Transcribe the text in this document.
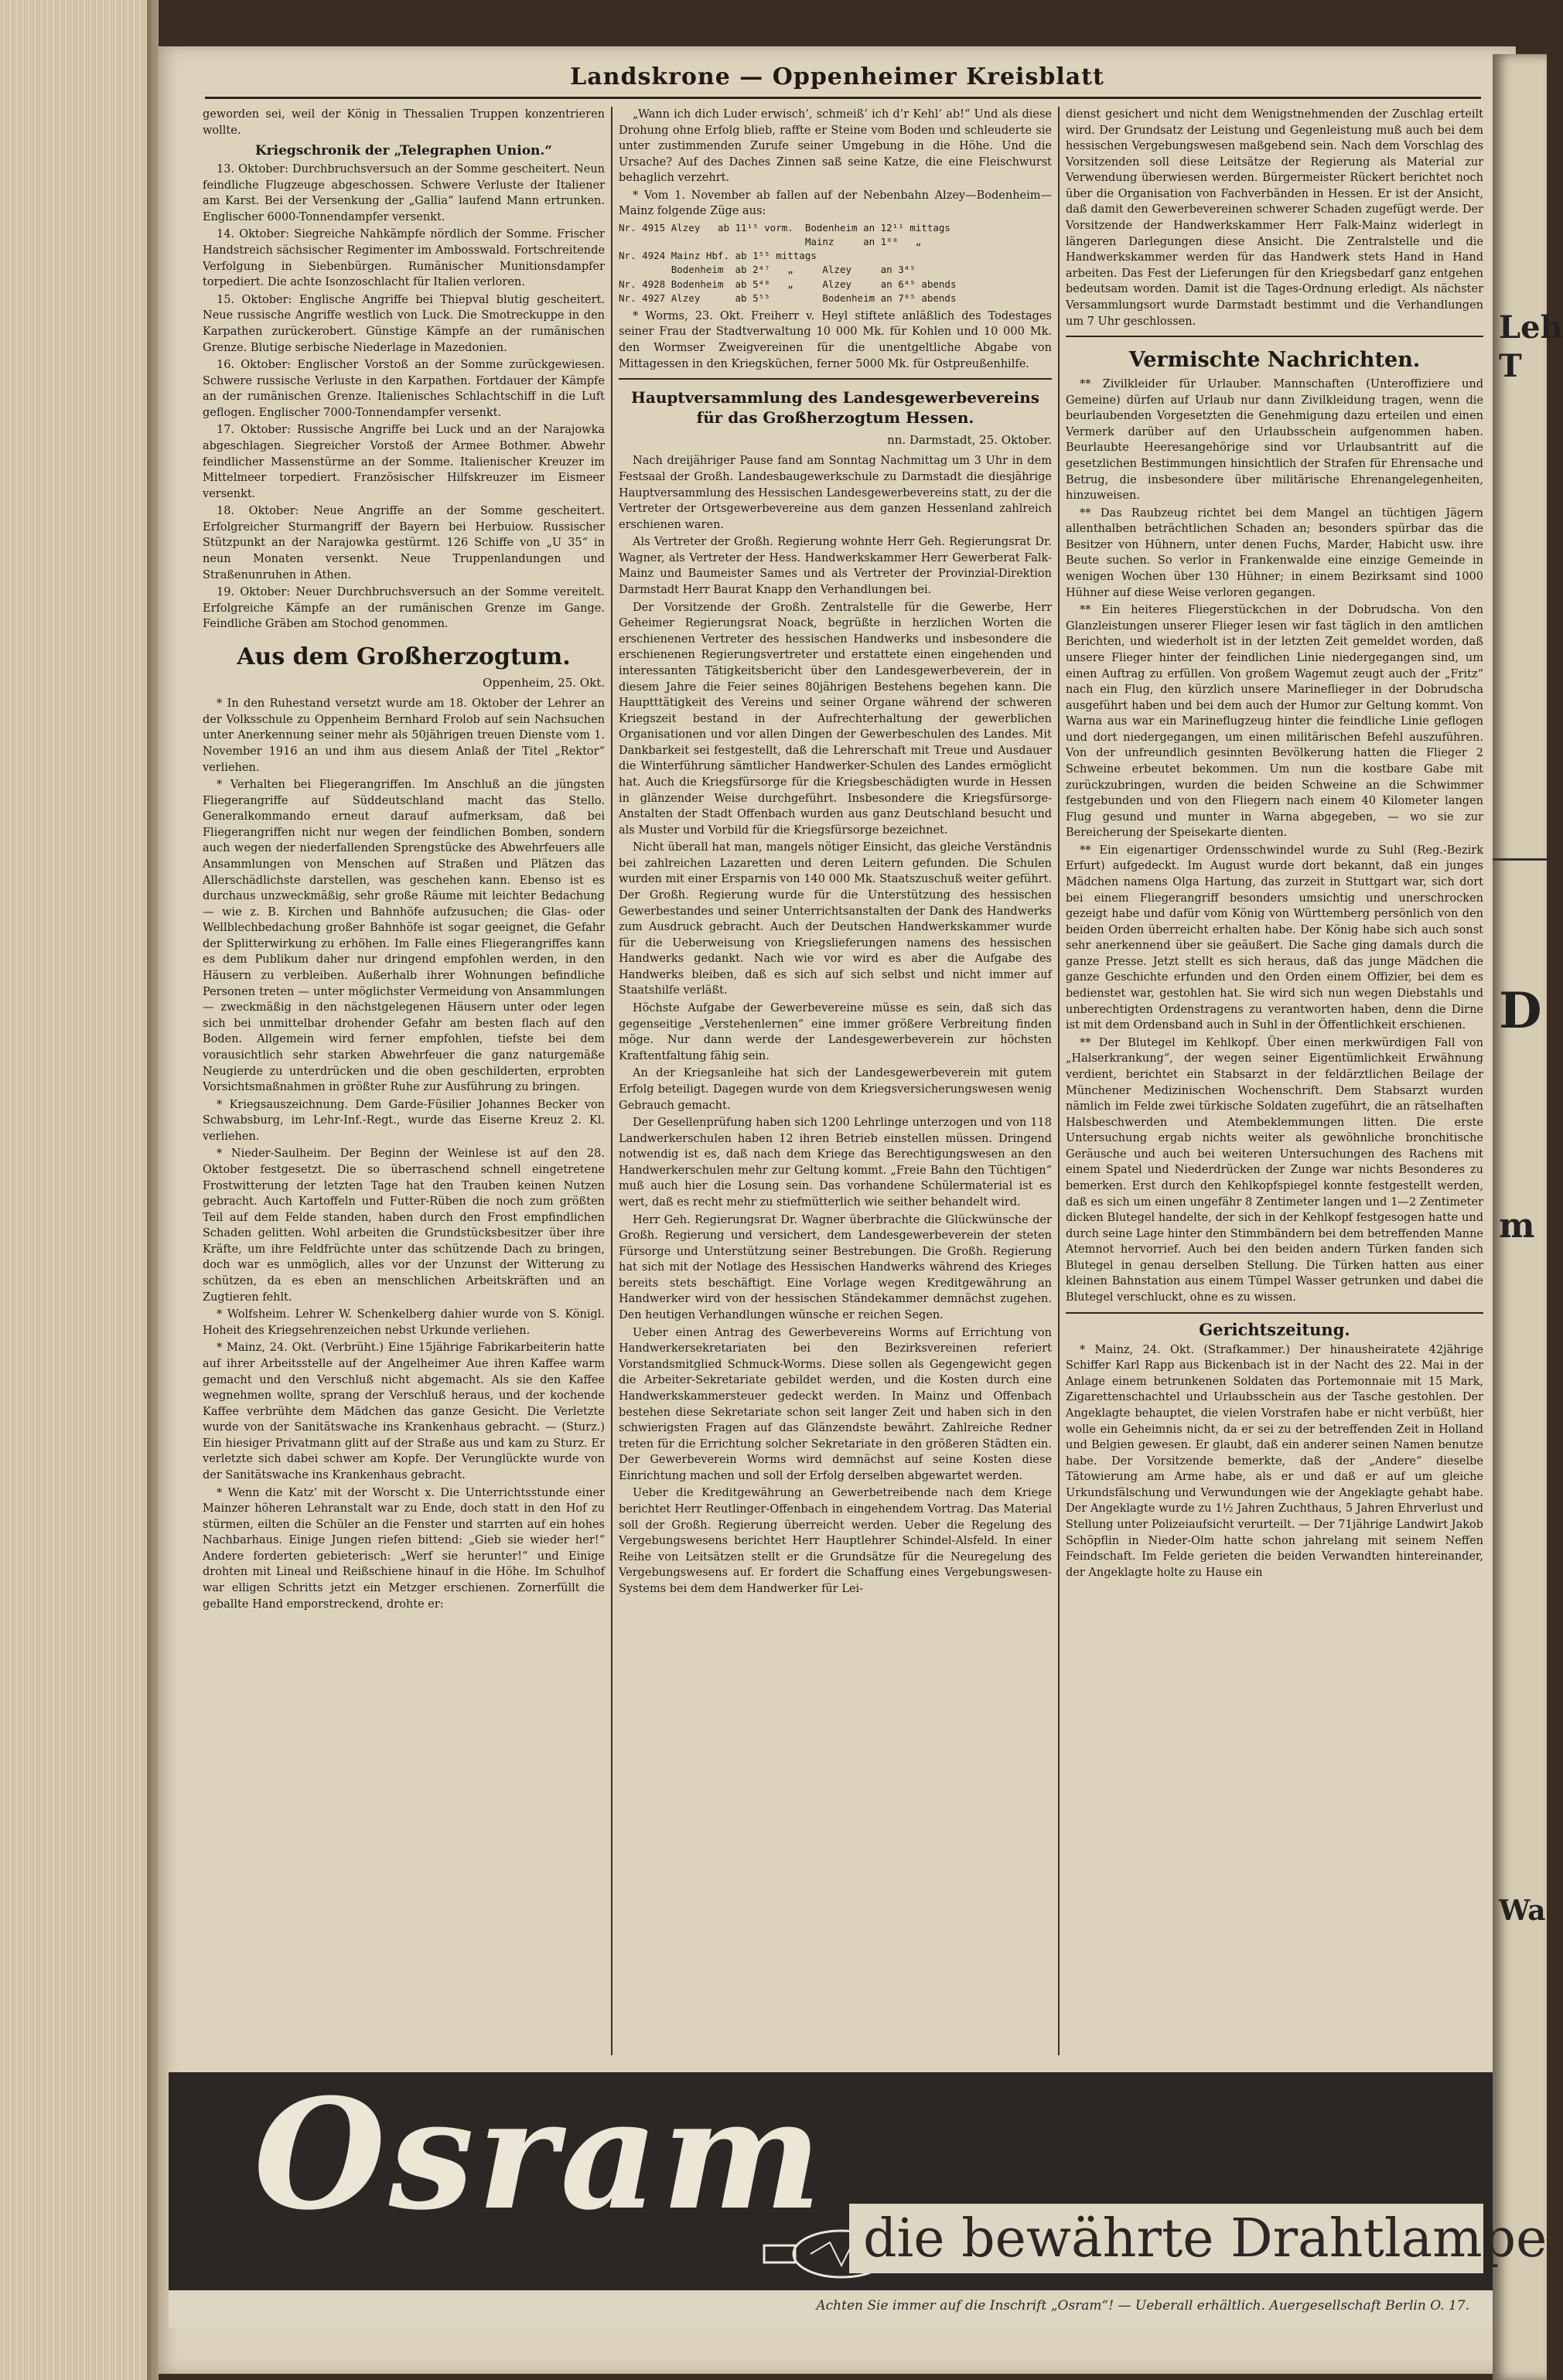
Leh
T
D
m
Wa
Landskrone — Oppenheimer Kreisblatt

geworden sei, weil der König in Thessalien Truppen konzentrieren wollte.

Kriegschronik der „Telegraphen Union.“

13. Oktober: Durchbruchsversuch an der Somme gescheitert. Neun feindliche Flugzeuge abgeschossen. Schwere Verluste der Italiener am Karst. Bei der Versenkung der „Gallia“ laufend Mann ertrunken. Englischer 6000-Tonnendampfer versenkt.

14. Oktober: Siegreiche Nahkämpfe nördlich der Somme. Frischer Handstreich sächsischer Regimenter im Ambosswald. Fortschreitende Verfolgung in Siebenbürgen. Rumänischer Munitionsdampfer torpediert. Die achte Isonzoschlacht für Italien verloren.

15. Oktober: Englische Angriffe bei Thiepval blutig gescheitert. Neue russische Angriffe westlich von Luck. Die Smotreckuppe in den Karpathen zurückerobert. Günstige Kämpfe an der rumänischen Grenze. Blutige serbische Niederlage in Mazedonien.

16. Oktober: Englischer Vorstoß an der Somme zurückgewiesen. Schwere russische Verluste in den Karpathen. Fortdauer der Kämpfe an der rumänischen Grenze. Italienisches Schlachtschiff in die Luft geflogen. Englischer 7000-Tonnendampfer versenkt.

17. Oktober: Russische Angriffe bei Luck und an der Narajowka abgeschlagen. Siegreicher Vorstoß der Armee Bothmer. Abwehr feindlicher Massenstürme an der Somme. Italienischer Kreuzer im Mittelmeer torpediert. Französischer Hilfskreuzer im Eismeer versenkt.

18. Oktober: Neue Angriffe an der Somme gescheitert. Erfolgreicher Sturmangriff der Bayern bei Herbuiow. Russischer Stützpunkt an der Narajowka gestürmt. 126 Schiffe von „U 35“ in neun Monaten versenkt. Neue Truppenlandungen und Straßenunruhen in Athen.

19. Oktober: Neuer Durchbruchsversuch an der Somme vereitelt. Erfolgreiche Kämpfe an der rumänischen Grenze im Gange. Feindliche Gräben am Stochod genommen.

Aus dem Großherzogtum.
Oppenheim, 25. Okt.

* In den Ruhestand versetzt wurde am 18. Oktober der Lehrer an der Volksschule zu Oppenheim Bernhard Frolob auf sein Nachsuchen unter Anerkennung seiner mehr als 50jährigen treuen Dienste vom 1. November 1916 an und ihm aus diesem Anlaß der Titel „Rektor“ verliehen.

* Verhalten bei Fliegerangriffen. Im Anschluß an die jüngsten Fliegerangriffe auf Süddeutschland macht das Stello. Generalkommando erneut darauf aufmerksam, daß bei Fliegerangriffen nicht nur wegen der feindlichen Bomben, sondern auch wegen der niederfallenden Sprengstücke des Abwehrfeuers alle Ansammlungen von Menschen auf Straßen und Plätzen das Allerschädlichste darstellen, was geschehen kann. Ebenso ist es durchaus unzweckmäßig, sehr große Räume mit leichter Bedachung — wie z. B. Kirchen und Bahnhöfe aufzusuchen; die Glas- oder Wellblechbedachung großer Bahnhöfe ist sogar geeignet, die Gefahr der Splitterwirkung zu erhöhen. Im Falle eines Fliegerangriffes kann es dem Publikum daher nur dringend empfohlen werden, in den Häusern zu verbleiben. Außerhalb ihrer Wohnungen befindliche Personen treten — unter möglichster Vermeidung von Ansammlungen — zweckmäßig in den nächstgelegenen Häusern unter oder legen sich bei unmittelbar drohender Gefahr am besten flach auf den Boden. Allgemein wird ferner empfohlen, tiefste bei dem vorausichtlich sehr starken Abwehrfeuer die ganz naturgemäße Neugierde zu unterdrücken und die oben geschilderten, erprobten Vorsichtsmaßnahmen in größter Ruhe zur Ausführung zu bringen.

* Kriegsauszeichnung. Dem Garde-Füsilier Johannes Becker von Schwabsburg, im Lehr-Inf.-Regt., wurde das Eiserne Kreuz 2. Kl. verliehen.

* Nieder-Saulheim. Der Beginn der Weinlese ist auf den 28. Oktober festgesetzt. Die so überraschend schnell eingetretene Frostwitterung der letzten Tage hat den Trauben keinen Nutzen gebracht. Auch Kartoffeln und Futter-Rüben die noch zum größten Teil auf dem Felde standen, haben durch den Frost empfindlichen Schaden gelitten. Wohl arbeiten die Grundstücksbesitzer über ihre Kräfte, um ihre Feldfrüchte unter das schützende Dach zu bringen, doch war es unmöglich, alles vor der Unzunst der Witterung zu schützen, da es eben an menschlichen Arbeitskräften und an Zugtieren fehlt.

* Wolfsheim. Lehrer W. Schenkelberg dahier wurde von S. Königl. Hoheit des Kriegsehrenzeichen nebst Urkunde verliehen.

* Mainz, 24. Okt. (Verbrüht.) Eine 15jährige Fabrikarbeiterin hatte auf ihrer Arbeitsstelle auf der Angelheimer Aue ihren Kaffee warm gemacht und den Verschluß nicht abgemacht. Als sie den Kaffee wegnehmen wollte, sprang der Verschluß heraus, und der kochende Kaffee verbrühte dem Mädchen das ganze Gesicht. Die Verletzte wurde von der Sanitätswache ins Krankenhaus gebracht. — (Sturz.) Ein hiesiger Privatmann glitt auf der Straße aus und kam zu Sturz. Er verletzte sich dabei schwer am Kopfe. Der Verunglückte wurde von der Sanitätswache ins Krankenhaus gebracht.

* Wenn die Katz’ mit der Worscht x. Die Unterrichtsstunde einer Mainzer höheren Lehranstalt war zu Ende, doch statt in den Hof zu stürmen, eilten die Schüler an die Fenster und starrten auf ein hohes Nachbarhaus. Einige Jungen riefen bittend: „Gieb sie wieder her!“ Andere forderten gebieterisch: „Werf sie herunter!“ und Einige drohten mit Lineal und Reißschiene hinauf in die Höhe. Im Schulhof war elligen Schritts jetzt ein Metzger erschienen. Zornerfüllt die geballte Hand emporstreckend, drohte er:

„Wann ich dich Luder erwisch’, schmeiß’ ich d’r Kehl’ ab!“ Und als diese Drohung ohne Erfolg blieb, raffte er Steine vom Boden und schleuderte sie unter zustimmenden Zurufe seiner Umgebung in die Höhe. Und die Ursache? Auf des Daches Zinnen saß seine Katze, die eine Fleischwurst behaglich verzehrt.

* Vom 1. November ab fallen auf der Nebenbahn Alzey—Bodenheim—Mainz folgende Züge aus:

Nr. 4915 Alzey   ab 11¹⁵ vorm.  Bodenheim an 12¹¹ mittags
Mainz     an 1⁰⁰   „
Nr. 4924 Mainz Hbf. ab 1⁵⁵ mittags
Bodenheim  ab 2⁴⁷   „     Alzey     an 3⁴⁵
Nr. 4928 Bodenheim  ab 5⁴⁸   „     Alzey     an 6⁴⁵ abends
Nr. 4927 Alzey      ab 5⁵⁵         Bodenheim an 7⁰⁵ abends

* Worms, 23. Okt. Freiherr v. Heyl stiftete anläßlich des Todestages seiner Frau der Stadtverwaltung 10 000 Mk. für Kohlen und 10 000 Mk. den Wormser Zweigvereinen für die unentgeltliche Abgabe von Mittagessen in den Kriegsküchen, ferner 5000 Mk. für Ostpreußenhilfe.

Hauptversammlung des Landesgewerbevereins für das Großherzogtum Hessen.
nn. Darmstadt, 25. Oktober.

Nach dreijähriger Pause fand am Sonntag Nachmittag um 3 Uhr in dem Festsaal der Großh. Landesbaugewerkschule zu Darmstadt die diesjährige Hauptversammlung des Hessischen Landesgewerbevereins statt, zu der die Vertreter der Ortsgewerbevereine aus dem ganzen Hessenland zahlreich erschienen waren.

Als Vertreter der Großh. Regierung wohnte Herr Geh. Regierungsrat Dr. Wagner, als Vertreter der Hess. Handwerkskammer Herr Gewerberat Falk-Mainz und Baumeister Sames und als Vertreter der Provinzial-Direktion Darmstadt Herr Baurat Knapp den Verhandlungen bei.

Der Vorsitzende der Großh. Zentralstelle für die Gewerbe, Herr Geheimer Regierungsrat Noack, begrüßte in herzlichen Worten die erschienenen Vertreter des hessischen Handwerks und insbesondere die erschienenen Regierungsvertreter und erstattete einen eingehenden und interessanten Tätigkeitsbericht über den Landesgewerbeverein, der in diesem Jahre die Feier seines 80jährigen Bestehens begehen kann. Die Hauptttätigkeit des Vereins und seiner Organe während der schweren Kriegszeit bestand in der Aufrechterhaltung der gewerblichen Organisationen und vor allen Dingen der Gewerbeschulen des Landes. Mit Dankbarkeit sei festgestellt, daß die Lehrerschaft mit Treue und Ausdauer die Winterführung sämtlicher Handwerker-Schulen des Landes ermöglicht hat. Auch die Kriegsfürsorge für die Kriegsbeschädigten wurde in Hessen in glänzender Weise durchgeführt. Insbesondere die Kriegsfürsorge-Anstalten der Stadt Offenbach wurden aus ganz Deutschland besucht und als Muster und Vorbild für die Kriegsfürsorge bezeichnet.

Nicht überall hat man, mangels nötiger Einsicht, das gleiche Verständnis bei zahlreichen Lazaretten und deren Leitern gefunden. Die Schulen wurden mit einer Ersparnis von 140 000 Mk. Staatszuschuß weiter geführt. Der Großh. Regierung wurde für die Unterstützung des hessischen Gewerbestandes und seiner Unterrichtsanstalten der Dank des Handwerks zum Ausdruck gebracht. Auch der Deutschen Handwerkskammer wurde für die Ueberweisung von Kriegslieferungen namens des hessischen Handwerks gedankt. Nach wie vor wird es aber die Aufgabe des Handwerks bleiben, daß es sich auf sich selbst und nicht immer auf Staatshilfe verläßt.

Höchste Aufgabe der Gewerbevereine müsse es sein, daß sich das gegenseitige „Verstehenlernen“ eine immer größere Verbreitung finden möge. Nur dann werde der Landesgewerbeverein zur höchsten Kraftentfaltung fähig sein.

An der Kriegsanleihe hat sich der Landesgewerbeverein mit gutem Erfolg beteiligt. Dagegen wurde von dem Kriegsversicherungswesen wenig Gebrauch gemacht.

Der Gesellenprüfung haben sich 1200 Lehrlinge unterzogen und von 118 Landwerkerschulen haben 12 ihren Betrieb einstellen müssen. Dringend notwendig ist es, daß nach dem Kriege das Berechtigungswesen an den Handwerkerschulen mehr zur Geltung kommt. „Freie Bahn den Tüchtigen“ muß auch hier die Losung sein. Das vorhandene Schülermaterial ist es wert, daß es recht mehr zu stiefmütterlich wie seither behandelt wird.

Herr Geh. Regierungsrat Dr. Wagner überbrachte die Glückwünsche der Großh. Regierung und versichert, dem Landesgewerbeverein der steten Fürsorge und Unterstützung seiner Bestrebungen. Die Großh. Regierung hat sich mit der Notlage des Hessischen Handwerks während des Krieges bereits stets beschäftigt. Eine Vorlage wegen Kreditgewährung an Handwerker wird von der hessischen Ständekammer demnächst zugehen. Den heutigen Verhandlungen wünsche er reichen Segen.

Ueber einen Antrag des Gewerbevereins Worms auf Errichtung von Handwerkersekretariaten bei den Bezirksvereinen referiert Vorstandsmitglied Schmuck-Worms. Diese sollen als Gegengewicht gegen die Arbeiter-Sekretariate gebildet werden, und die Kosten durch eine Handwerkskammersteuer gedeckt werden. In Mainz und Offenbach bestehen diese Sekretariate schon seit langer Zeit und haben sich in den schwierigsten Fragen auf das Glänzendste bewährt. Zahlreiche Redner treten für die Errichtung solcher Sekretariate in den größeren Städten ein. Der Gewerbeverein Worms wird demnächst auf seine Kosten diese Einrichtung machen und soll der Erfolg derselben abgewartet werden.

Ueber die Kreditgewährung an Gewerbetreibende nach dem Kriege berichtet Herr Reutlinger-Offenbach in eingehendem Vortrag. Das Material soll der Großh. Regierung überreicht werden. Ueber die Regelung des Vergebungswesens berichtet Herr Hauptlehrer Schindel-Alsfeld. In einer Reihe von Leitsätzen stellt er die Grundsätze für die Neuregelung des Vergebungswesens auf. Er fordert die Schaffung eines Vergebungswesen-Systems bei dem dem Handwerker für Lei-

dienst gesichert und nicht dem Wenigstnehmenden der Zuschlag erteilt wird. Der Grundsatz der Leistung und Gegenleistung muß auch bei dem hessischen Vergebungswesen maßgebend sein. Nach dem Vorschlag des Vorsitzenden soll diese Leitsätze der Regierung als Material zur Verwendung überwiesen werden. Bürgermeister Rückert berichtet noch über die Organisation von Fachverbänden in Hessen. Er ist der Ansicht, daß damit den Gewerbevereinen schwerer Schaden zugefügt werde. Der Vorsitzende der Handwerkskammer Herr Falk-Mainz widerlegt in längeren Darlegungen diese Ansicht. Die Zentralstelle und die Handwerkskammer werden für das Handwerk stets Hand in Hand arbeiten. Das Fest der Lieferungen für den Kriegsbedarf ganz entgehen bedeutsam worden. Damit ist die Tages-Ordnung erledigt. Als nächster Versammlungsort wurde Darmstadt bestimmt und die Verhandlungen um 7 Uhr geschlossen.

Vermischte Nachrichten.

** Zivilkleider für Urlauber. Mannschaften (Unteroffiziere und Gemeine) dürfen auf Urlaub nur dann Zivilkleidung tragen, wenn die beurlaubenden Vorgesetzten die Genehmigung dazu erteilen und einen Vermerk darüber auf den Urlaubsschein aufgenommen haben. Beurlaubte Heeresangehörige sind vor Urlaubsantritt auf die gesetzlichen Bestimmungen hinsichtlich der Strafen für Ehrensache und Betrug, die insbesondere über militärische Ehrenangelegenheiten, hinzuweisen.

** Das Raubzeug richtet bei dem Mangel an tüchtigen Jägern allenthalben beträchtlichen Schaden an; besonders spürbar das die Besitzer von Hühnern, unter denen Fuchs, Marder, Habicht usw. ihre Beute suchen. So verlor in Frankenwalde eine einzige Gemeinde in wenigen Wochen über 130 Hühner; in einem Bezirksamt sind 1000 Hühner auf diese Weise verloren gegangen.

** Ein heiteres Fliegerstückchen in der Dobrudscha. Von den Glanzleistungen unserer Flieger lesen wir fast täglich in den amtlichen Berichten, und wiederholt ist in der letzten Zeit gemeldet worden, daß unsere Flieger hinter der feindlichen Linie niedergegangen sind, um einen Auftrag zu erfüllen. Von großem Wagemut zeugt auch der „Fritz“ nach ein Flug, den kürzlich unsere Marineflieger in der Dobrudscha ausgeführt haben und bei dem auch der Humor zur Geltung kommt. Von Warna aus war ein Marineflugzeug hinter die feindliche Linie geflogen und dort niedergegangen, um einen militärischen Befehl auszuführen. Von der unfreundlich gesinnten Bevölkerung hatten die Flieger 2 Schweine erbeutet bekommen. Um nun die kostbare Gabe mit zurückzubringen, wurden die beiden Schweine an die Schwimmer festgebunden und von den Fliegern nach einem 40 Kilometer langen Flug gesund und munter in Warna abgegeben, — wo sie zur Bereicherung der Speisekarte dienten.

** Ein eigenartiger Ordensschwindel wurde zu Suhl (Reg.-Bezirk Erfurt) aufgedeckt. Im August wurde dort bekannt, daß ein junges Mädchen namens Olga Hartung, das zurzeit in Stuttgart war, sich dort bei einem Fliegerangriff besonders umsichtig und unerschrocken gezeigt habe und dafür vom König von Württemberg persönlich von den beiden Orden überreicht erhalten habe. Der König habe sich auch sonst sehr anerkennend über sie geäußert. Die Sache ging damals durch die ganze Presse. Jetzt stellt es sich heraus, daß das junge Mädchen die ganze Geschichte erfunden und den Orden einem Offizier, bei dem es bedienstet war, gestohlen hat. Sie wird sich nun wegen Diebstahls und unberechtigten Ordenstragens zu verantworten haben, denn die Dirne ist mit dem Ordensband auch in Suhl in der Öffentlichkeit erschienen.

** Der Blutegel im Kehlkopf. Über einen merkwürdigen Fall von „Halserkrankung“, der wegen seiner Eigentümlichkeit Erwähnung verdient, berichtet ein Stabsarzt in der feldärztlichen Beilage der Münchener Medizinischen Wochenschrift. Dem Stabsarzt wurden nämlich im Felde zwei türkische Soldaten zugeführt, die an rätselhaften Halsbeschwerden und Atembeklemmungen litten. Die erste Untersuchung ergab nichts weiter als gewöhnliche bronchitische Geräusche und auch bei weiteren Untersuchungen des Rachens mit einem Spatel und Niederdrücken der Zunge war nichts Besonderes zu bemerken. Erst durch den Kehlkopfspiegel konnte festgestellt werden, daß es sich um einen ungefähr 8 Zentimeter langen und 1—2 Zentimeter dicken Blutegel handelte, der sich in der Kehlkopf festgesogen hatte und durch seine Lage hinter den Stimmbändern bei dem betreffenden Manne Atemnot hervorrief. Auch bei den beiden andern Türken fanden sich Blutegel in genau derselben Stellung. Die Türken hatten aus einer kleinen Bahnstation aus einem Tümpel Wasser getrunken und dabei die Blutegel verschluckt, ohne es zu wissen.

Gerichtszeitung.

* Mainz, 24. Okt. (Strafkammer.) Der hinausheiratete 42jährige Schiffer Karl Rapp aus Bickenbach ist in der Nacht des 22. Mai in der Anlage einem betrunkenen Soldaten das Portemonnaie mit 15 Mark, Zigarettenschachtel und Urlaubsschein aus der Tasche gestohlen. Der Angeklagte behauptet, die vielen Vorstrafen habe er nicht verbüßt, hier wolle ein Geheimnis nicht, da er sei zu der betreffenden Zeit in Holland und Belgien gewesen. Er glaubt, daß ein anderer seinen Namen benutze habe. Der Vorsitzende bemerkte, daß der „Andere“ dieselbe Tätowierung am Arme habe, als er und daß er auf um gleiche Urkundsfälschung und Verwundungen wie der Angeklagte gehabt habe. Der Angeklagte wurde zu 1½ Jahren Zuchthaus, 5 Jahren Ehrverlust und Stellung unter Polizeiaufsicht verurteilt. — Der 71jährige Landwirt Jakob Schöpflin in Nieder-Olm hatte schon jahrelang mit seinem Neffen Feindschaft. Im Felde gerieten die beiden Verwandten hintereinander, der Angeklagte holte zu Hause ein

Osram die bewährte Drahtlampe
Achten Sie immer auf die Inschrift „Osram“! — Ueberall erhältlich. Auergesellschaft Berlin O. 17.
